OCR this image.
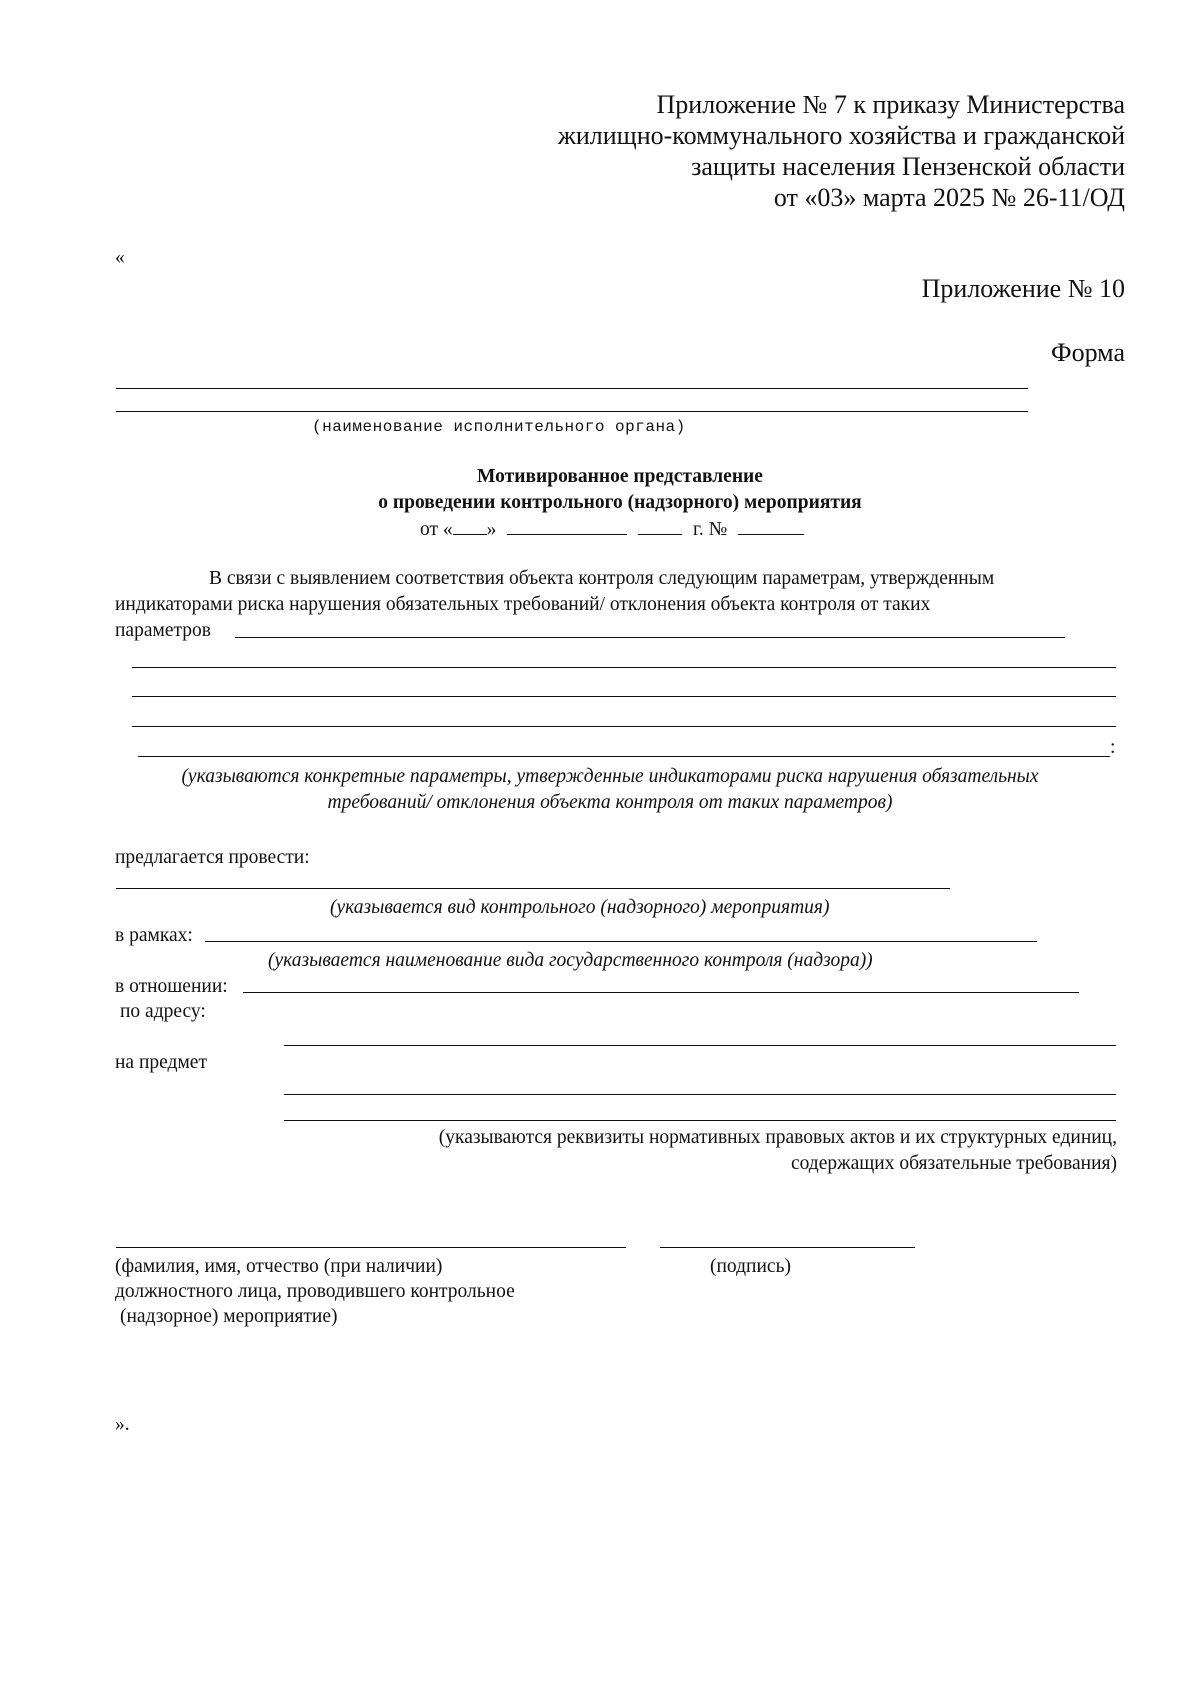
Приложение № 7 к приказу Министерства
жилищно-коммунального хозяйства и гражданской
защиты населения Пензенской области
от «03» марта 2025 № 26-11/ОД
«
Приложение № 10
Форма
(наименование исполнительного органа)
Мотивированное представление
о проведении контрольного (надзорного) мероприятия
от « »	г. №
В связи с выявлением соответствия объекта контроля следующим параметрам, утвержденным
индикаторами риска нарушения обязательных требований/ отклонения объекта контроля от таких
параметров
:
(указываются конкретные параметры, утвержденные индикаторами риска нарушения обязательных
требований/ отклонения объекта контроля от таких параметров)
предлагается провести:
(указывается вид контрольного (надзорного) мероприятия)
в рамках:
(указывается наименование вида государственного контроля (надзора))
в отношении:
по адресу:
на предмет
(указываются реквизиты нормативных правовых актов и их структурных единиц,
содержащих обязательные требования)
(фамилия, имя, отчество (при наличии)
должностного лица, проводившего контрольное
(надзорное) мероприятие)
(подпись)
».
